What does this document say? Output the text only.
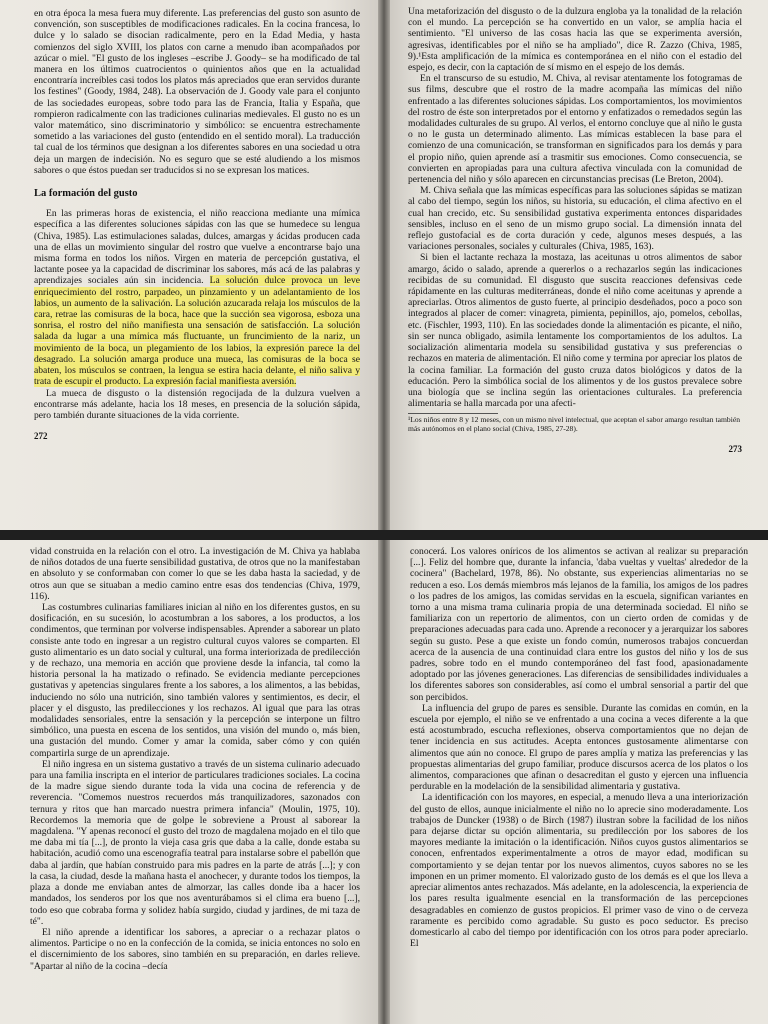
en otra época la mesa fuera muy diferente. Las preferencias del gusto son asunto de convención, son susceptibles de modificaciones radicales. En la cocina francesa, lo dulce y lo salado se disocian radicalmente, pero en la Edad Media, y hasta comienzos del siglo XVIII, los platos con carne a menudo iban acompañados por azúcar o miel. "El gusto de los ingleses –escribe J. Goody– se ha modificado de tal manera en los últimos cuatrocientos o quinientos años que en la actualidad encontraría increíbles casi todos los platos más apreciados que eran servidos durante los festines" (Goody, 1984, 248). La observación de J. Goody vale para el conjunto de las sociedades europeas, sobre todo para las de Francia, Italia y España, que rompieron radicalmente con las tradiciones culinarias medievales. El gusto no es un valor matemático, sino discriminatorio y simbólico: se encuentra estrechamente sometido a las variaciones del gusto (entendido en el sentido moral). La traducción tal cual de los términos que designan a los diferentes sabores en una sociedad u otra deja un margen de indecisión. No es seguro que se esté aludiendo a los mismos sabores o que éstos puedan ser traducidos si no se expresan los matices.

La formación del gusto

En las primeras horas de existencia, el niño reacciona mediante una mímica específica a las diferentes soluciones sápidas con las que se humedece su lengua (Chiva, 1985). Las estimulaciones saladas, dulces, amargas y ácidas producen cada una de ellas un movimiento singular del rostro que vuelve a encontrarse bajo una misma forma en todos los niños. Virgen en materia de percepción gustativa, el lactante posee ya la capacidad de discriminar los sabores, más acá de las palabras y aprendizajes sociales aún sin incidencia. La solución dulce provoca un leve enriquecimiento del rostro, parpadeo, un pinzamiento y un adelantamiento de los labios, un aumento de la salivación. La solución azucarada relaja los músculos de la cara, retrae las comisuras de la boca, hace que la succión sea vigorosa, esboza una sonrisa, el rostro del niño manifiesta una sensación de satisfacción. La solución salada da lugar a una mímica más fluctuante, un fruncimiento de la nariz, un movimiento de la boca, un plegamiento de los labios, la expresión parece la del desagrado. La solución amarga produce una mueca, las comisuras de la boca se abaten, los músculos se contraen, la lengua se estira hacia delante, el niño saliva y trata de escupir el producto. La expresión facial manifiesta aversión.

La mueca de disgusto o la distensión regocijada de la dulzura vuelven a encontrarse más adelante, hacia los 18 meses, en presencia de la solución sápida, pero también durante situaciones de la vida corriente.

272

Una metaforización del disgusto o de la dulzura engloba ya la tonalidad de la relación con el mundo. La percepción se ha convertido en un valor, se amplía hacia el sentimiento. "El universo de las cosas hacia las que se experimenta aversión, agresivas, identificables por el niño se ha ampliado", dice R. Zazzo (Chiva, 1985, 9).¹Esta amplificación de la mímica es contemporánea en el niño con el estadio del espejo, es decir, con la captación de sí mismo en el espejo de los demás.

En el transcurso de su estudio, M. Chiva, al revisar atentamente los fotogramas de sus films, descubre que el rostro de la madre acompaña las mímicas del niño enfrentado a las diferentes soluciones sápidas. Los comportamientos, los movimientos del rostro de éste son interpretados por el entorno y enfatizados o remedados según las modalidades culturales de su grupo. Al verlos, el entorno concluye que al niño le gusta o no le gusta un determinado alimento. Las mímicas establecen la base para el comienzo de una comunicación, se transforman en significados para los demás y para el propio niño, quien aprende así a trasmitir sus emociones. Como consecuencia, se convierten en apropiadas para una cultura afectiva vinculada con la comunidad de pertenencia del niño y sólo aparecen en circunstancias precisas (Le Breton, 2004).

M. Chiva señala que las mímicas específicas para las soluciones sápidas se matizan al cabo del tiempo, según los niños, su historia, su educación, el clima afectivo en el cual han crecido, etc. Su sensibilidad gustativa experimenta entonces disparidades sensibles, incluso en el seno de un mismo grupo social. La dimensión innata del reflejo gustofacial es de corta duración y cede, algunos meses después, a las variaciones personales, sociales y culturales (Chiva, 1985, 163).

Si bien el lactante rechaza la mostaza, las aceitunas u otros alimentos de sabor amargo, ácido o salado, aprende a quererlos o a rechazarlos según las indicaciones recibidas de su comunidad. El disgusto que suscita reacciones defensivas cede rápidamente en las culturas mediterráneas, donde el niño come aceitunas y aprende a apreciarlas. Otros alimentos de gusto fuerte, al principio desdeñados, poco a poco son integrados al placer de comer: vinagreta, pimienta, pepinillos, ajo, pomelos, cebollas, etc. (Fischler, 1993, 110). En las sociedades donde la alimentación es picante, el niño, sin ser nunca obligado, asimila lentamente los comportamientos de los adultos. La socialización alimentaria modela su sensibilidad gustativa y sus preferencias o rechazos en materia de alimentación. El niño come y termina por apreciar los platos de la cocina familiar. La formación del gusto cruza datos biológicos y datos de la educación. Pero la simbólica social de los alimentos y de los gustos prevalece sobre una biología que se inclina según las orientaciones culturales. La preferencia alimentaria se halla marcada por una afecti-

¹Los niños entre 8 y 12 meses, con un mismo nivel intelectual, que aceptan el sabor amargo resultan también más autónomos en el plano social (Chiva, 1985, 27-28).
273

vidad construida en la relación con el otro. La investigación de M. Chiva ya hablaba de niños dotados de una fuerte sensibilidad gustativa, de otros que no la manifestaban en absoluto y se conformaban con comer lo que se les daba hasta la saciedad, y de otros aun que se situaban a medio camino entre esas dos tendencias (Chiva, 1979, 116).

Las costumbres culinarias familiares inician al niño en los diferentes gustos, en su dosificación, en su sucesión, lo acostumbran a los sabores, a los productos, a los condimentos, que terminan por volverse indispensables. Aprender a saborear un plato consiste ante todo en ingresar a un registro cultural cuyos valores se comparten. El gusto alimentario es un dato social y cultural, una forma interiorizada de predilección y de rechazo, una memoria en acción que proviene desde la infancia, tal como la historia personal la ha matizado o refinado. Se evidencia mediante percepciones gustativas y apetencias singulares frente a los sabores, a los alimentos, a las bebidas, induciendo no sólo una nutrición, sino también valores y sentimientos, es decir, el placer y el disgusto, las predilecciones y los rechazos. Al igual que para las otras modalidades sensoriales, entre la sensación y la percepción se interpone un filtro simbólico, una puesta en escena de los sentidos, una visión del mundo o, más bien, una gustación del mundo. Comer y amar la comida, saber cómo y con quién compartirla surge de un aprendizaje.

El niño ingresa en un sistema gustativo a través de un sistema culinario adecuado para una familia inscripta en el interior de particulares tradiciones sociales. La cocina de la madre sigue siendo durante toda la vida una cocina de referencia y de reverencia. "Comemos nuestros recuerdos más tranquilizadores, sazonados con ternura y ritos que han marcado nuestra primera infancia" (Moulin, 1975, 10). Recordemos la memoria que de golpe le sobreviene a Proust al saborear la magdalena. "Y apenas reconocí el gusto del trozo de magdalena mojado en el tilo que me daba mi tía [...], de pronto la vieja casa gris que daba a la calle, donde estaba su habitación, acudió como una escenografía teatral para instalarse sobre el pabellón que daba al jardín, que habían construido para mis padres en la parte de atrás [...]; y con la casa, la ciudad, desde la mañana hasta el anochecer, y durante todos los tiempos, la plaza a donde me enviaban antes de almorzar, las calles donde iba a hacer los mandados, los senderos por los que nos aventurábamos si el clima era bueno [...], todo eso que cobraba forma y solidez había surgido, ciudad y jardines, de mi taza de té".

El niño aprende a identificar los sabores, a apreciar o a rechazar platos o alimentos. Participe o no en la confección de la comida, se inicia entonces no solo en el discernimiento de los sabores, sino también en su preparación, en darles relieve. "Apartar al niño de la cocina –decía

conocerá. Los valores oníricos de los alimentos se activan al realizar su preparación [...]. Feliz del hombre que, durante la infancia, 'daba vueltas y vueltas' alrededor de la cocinera" (Bachelard, 1978, 86). No obstante, sus experiencias alimentarias no se reducen a eso. Los demás miembros más lejanos de la familia, los amigos de los padres o los padres de los amigos, las comidas servidas en la escuela, significan variantes en torno a una misma trama culinaria propia de una determinada sociedad. El niño se familiariza con un repertorio de alimentos, con un cierto orden de comidas y de preparaciones adecuadas para cada uno. Aprende a reconocer y a jerarquizar los sabores según su gusto. Pese a que existe un fondo común, numerosos trabajos concuerdan acerca de la ausencia de una continuidad clara entre los gustos del niño y los de sus padres, sobre todo en el mundo contemporáneo del fast food, apasionadamente adoptado por las jóvenes generaciones. Las diferencias de sensibilidades individuales a los diferentes sabores son considerables, así como el umbral sensorial a partir del que son percibidos.

La influencia del grupo de pares es sensible. Durante las comidas en común, en la escuela por ejemplo, el niño se ve enfrentado a una cocina a veces diferente a la que está acostumbrado, escucha reflexiones, observa comportamientos que no dejan de tener incidencia en sus actitudes. Acepta entonces gustosamente alimentarse con alimentos que aún no conoce. El grupo de pares amplía y matiza las preferencias y las propuestas alimentarias del grupo familiar, produce discursos acerca de los platos o los alimentos, comparaciones que afinan o desacreditan el gusto y ejercen una influencia perdurable en la modelación de la sensibilidad alimentaria y gustativa.

La identificación con los mayores, en especial, a menudo lleva a una interiorización del gusto de ellos, aunque inicialmente el niño no lo aprecie sino moderadamente. Los trabajos de Duncker (1938) o de Birch (1987) ilustran sobre la facilidad de los niños para dejarse dictar su opción alimentaria, su predilección por los sabores de los mayores mediante la imitación o la identificación. Niños cuyos gustos alimentarios se conocen, enfrentados experimentalmente a otros de mayor edad, modifican su comportamiento y se dejan tentar por los nuevos alimentos, cuyos sabores no se les imponen en un primer momento. El valorizado gusto de los demás es el que los lleva a apreciar alimentos antes rechazados. Más adelante, en la adolescencia, la experiencia de los pares resulta igualmente esencial en la transformación de las percepciones desagradables en comienzo de gustos propicios. El primer vaso de vino o de cerveza raramente es percibido como agradable. Su gusto es poco seductor. Es preciso domesticarlo al cabo del tiempo por identificación con los otros para poder apreciarlo. El
